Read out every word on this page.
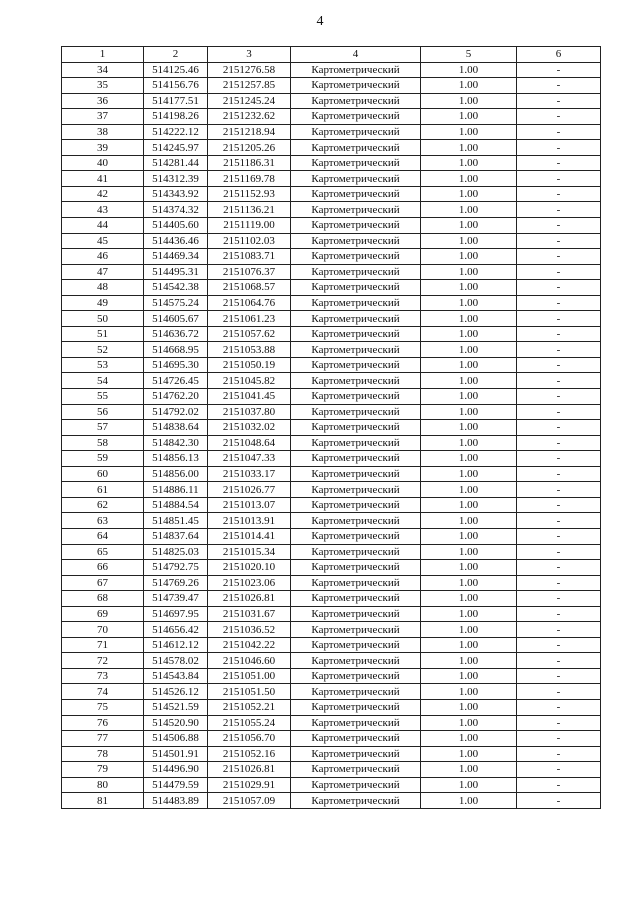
4
1	2	3	4	5	6
34	514125.46	2151276.58	Картометрический	1.00	-
35	514156.76	2151257.85	Картометрический	1.00	-
36	514177.51	2151245.24	Картометрический	1.00	-
37	514198.26	2151232.62	Картометрический	1.00	-
38	514222.12	2151218.94	Картометрический	1.00	-
39	514245.97	2151205.26	Картометрический	1.00	-
40	514281.44	2151186.31	Картометрический	1.00	-
41	514312.39	2151169.78	Картометрический	1.00	-
42	514343.92	2151152.93	Картометрический	1.00	-
43	514374.32	2151136.21	Картометрический	1.00	-
44	514405.60	2151119.00	Картометрический	1.00	-
45	514436.46	2151102.03	Картометрический	1.00	-
46	514469.34	2151083.71	Картометрический	1.00	-
47	514495.31	2151076.37	Картометрический	1.00	-
48	514542.38	2151068.57	Картометрический	1.00	-
49	514575.24	2151064.76	Картометрический	1.00	-
50	514605.67	2151061.23	Картометрический	1.00	-
51	514636.72	2151057.62	Картометрический	1.00	-
52	514668.95	2151053.88	Картометрический	1.00	-
53	514695.30	2151050.19	Картометрический	1.00	-
54	514726.45	2151045.82	Картометрический	1.00	-
55	514762.20	2151041.45	Картометрический	1.00	-
56	514792.02	2151037.80	Картометрический	1.00	-
57	514838.64	2151032.02	Картометрический	1.00	-
58	514842.30	2151048.64	Картометрический	1.00	-
59	514856.13	2151047.33	Картометрический	1.00	-
60	514856.00	2151033.17	Картометрический	1.00	-
61	514886.11	2151026.77	Картометрический	1.00	-
62	514884.54	2151013.07	Картометрический	1.00	-
63	514851.45	2151013.91	Картометрический	1.00	-
64	514837.64	2151014.41	Картометрический	1.00	-
65	514825.03	2151015.34	Картометрический	1.00	-
66	514792.75	2151020.10	Картометрический	1.00	-
67	514769.26	2151023.06	Картометрический	1.00	-
68	514739.47	2151026.81	Картометрический	1.00	-
69	514697.95	2151031.67	Картометрический	1.00	-
70	514656.42	2151036.52	Картометрический	1.00	-
71	514612.12	2151042.22	Картометрический	1.00	-
72	514578.02	2151046.60	Картометрический	1.00	-
73	514543.84	2151051.00	Картометрический	1.00	-
74	514526.12	2151051.50	Картометрический	1.00	-
75	514521.59	2151052.21	Картометрический	1.00	-
76	514520.90	2151055.24	Картометрический	1.00	-
77	514506.88	2151056.70	Картометрический	1.00	-
78	514501.91	2151052.16	Картометрический	1.00	-
79	514496.90	2151026.81	Картометрический	1.00	-
80	514479.59	2151029.91	Картометрический	1.00	-
81	514483.89	2151057.09	Картометрический	1.00	-
